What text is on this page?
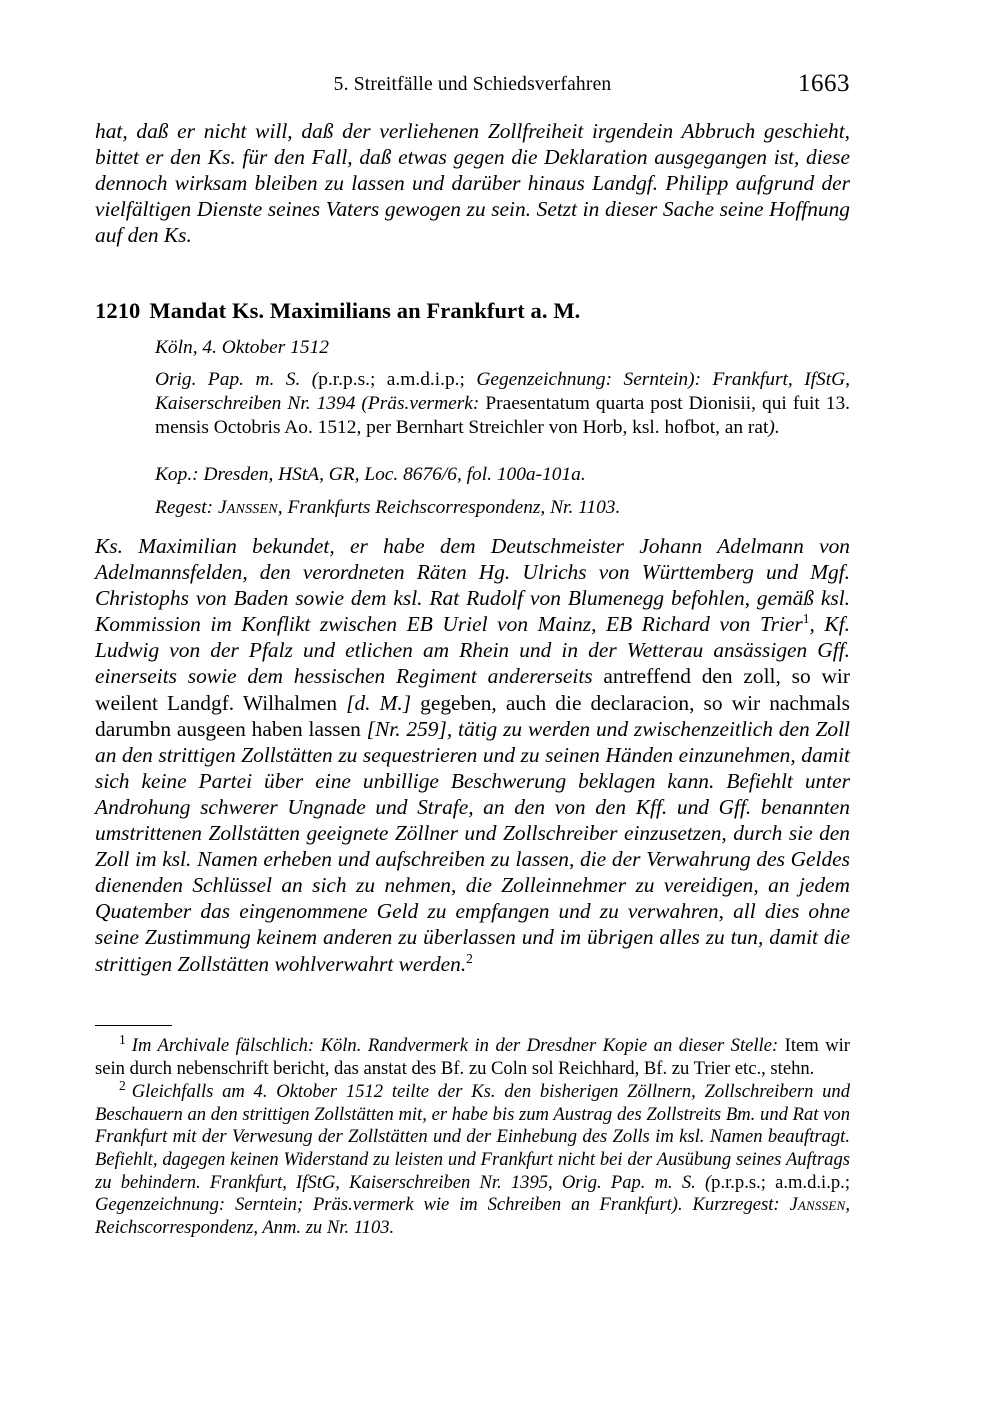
5. Streitfälle und Schiedsverfahren	1663
hat, daß er nicht will, daß der verliehenen Zollfreiheit irgendein Abbruch geschieht, bittet er den Ks. für den Fall, daß etwas gegen die Deklaration ausgegangen ist, diese dennoch wirksam bleiben zu lassen und darüber hinaus Landgf. Philipp aufgrund der vielfältigen Dienste seines Vaters gewogen zu sein. Setzt in dieser Sache seine Hoffnung auf den Ks.
1210 Mandat Ks. Maximilians an Frankfurt a. M.
Köln, 4. Oktober 1512
Orig. Pap. m. S. (p.r.p.s.; a.m.d.i.p.; Gegenzeichnung: Serntein): Frankfurt, IfStG, Kaiserschreiben Nr. 1394 (Präs.vermerk: Praesentatum quarta post Dionisii, qui fuit 13. mensis Octobris Ao. 1512, per Bernhart Streichler von Horb, ksl. hofbot, an rat).
Kop.: Dresden, HStA, GR, Loc. 8676/6, fol. 100a-101a.
Regest: Janssen, Frankfurts Reichscorrespondenz, Nr. 1103.
Ks. Maximilian bekundet, er habe dem Deutschmeister Johann Adelmann von Adelmannsfelden, den verordneten Räten Hg. Ulrichs von Württemberg und Mgf. Christophs von Baden sowie dem ksl. Rat Rudolf von Blumenegg befohlen, gemäß ksl. Kommission im Konflikt zwischen EB Uriel von Mainz, EB Richard von Trier$^1$, Kf. Ludwig von der Pfalz und etlichen am Rhein und in der Wetterau ansässigen Gff. einerseits sowie dem hessischen Regiment andererseits antreffend den zoll, so wir weilent Landgf. Wilhalmen [d. M.] gegeben, auch die declaracion, so wir nachmals darumbn ausgeen haben lassen [Nr. 259], tätig zu werden und zwischenzeitlich den Zoll an den strittigen Zollstätten zu sequestrieren und zu seinen Händen einzunehmen, damit sich keine Partei über eine unbillige Beschwerung beklagen kann. Befiehlt unter Androhung schwerer Ungnade und Strafe, an den von den Kff. und Gff. benannten umstrittenen Zollstätten geeignete Zöllner und Zollschreiber einzusetzen, durch sie den Zoll im ksl. Namen erheben und aufschreiben zu lassen, die der Verwahrung des Geldes dienenden Schlüssel an sich zu nehmen, die Zolleinnehmer zu vereidigen, an jedem Quatember das eingenommene Geld zu empfangen und zu verwahren, all dies ohne seine Zustimmung keinem anderen zu überlassen und im übrigen alles zu tun, damit die strittigen Zollstätten wohlverwahrt werden.$^2$

$^1$ Im Archivale fälschlich: Köln. Randvermerk in der Dresdner Kopie an dieser Stelle: Item wir sein durch nebenschrift bericht, das anstat des Bf. zu Coln sol Reichhard, Bf. zu Trier etc., stehn.

$^2$ Gleichfalls am 4. Oktober 1512 teilte der Ks. den bisherigen Zöllnern, Zollschreibern und Beschauern an den strittigen Zollstätten mit, er habe bis zum Austrag des Zollstreits Bm. und Rat von Frankfurt mit der Verwesung der Zollstätten und der Einhebung des Zolls im ksl. Namen beauftragt. Befiehlt, dagegen keinen Widerstand zu leisten und Frankfurt nicht bei der Ausübung seines Auftrags zu behindern. Frankfurt, IfStG, Kaiserschreiben Nr. 1395, Orig. Pap. m. S. (p.r.p.s.; a.m.d.i.p.; Gegenzeichnung: Serntein; Präs.vermerk wie im Schreiben an Frankfurt). Kurzregest: Janssen, Reichscorrespondenz, Anm. zu Nr. 1103.
